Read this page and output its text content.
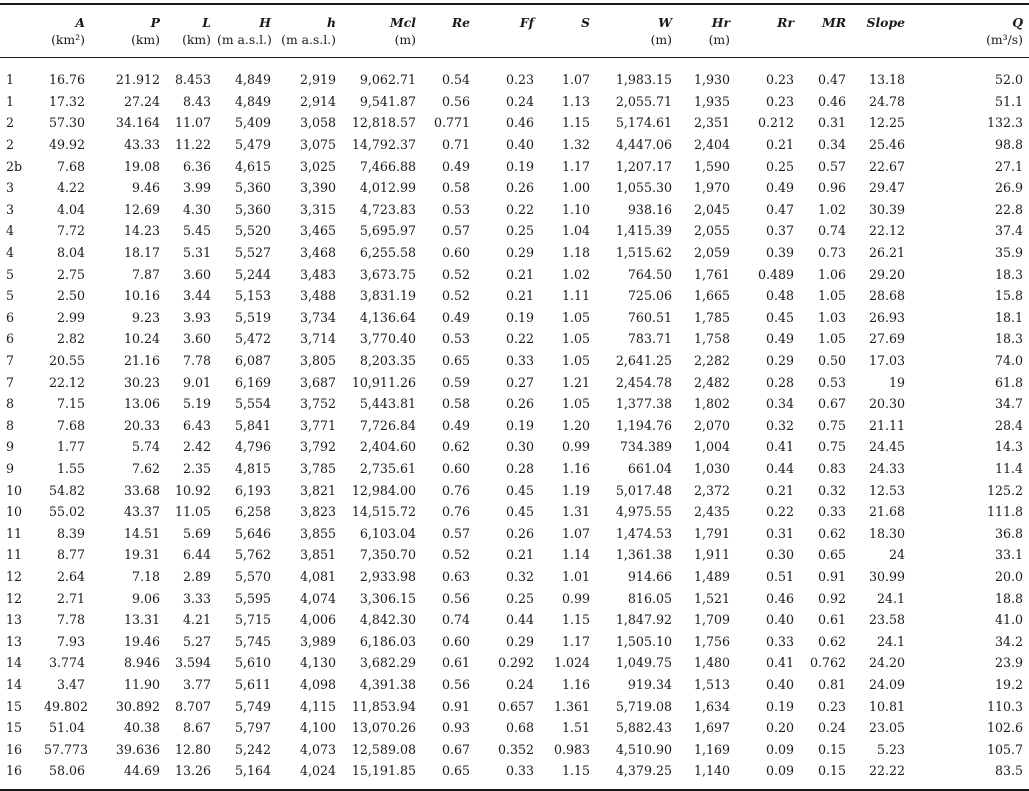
	A	P	L	H	h	Mcl	Re	Ff	S	W	Hr	Rr	MR	Slope	Q
	(km²)	(km)	(km)	(m a.s.l.)	(m a.s.l.)	(m)				(m)	(m)				(m³/s)
1	16.76	21.912	8.453	4,849	2,919	9,062.71	0.54	0.23	1.07	1,983.15	1,930	0.23	0.47	13.18	52.0
1	17.32	27.24	8.43	4,849	2,914	9,541.87	0.56	0.24	1.13	2,055.71	1,935	0.23	0.46	24.78	51.1
2	57.30	34.164	11.07	5,409	3,058	12,818.57	0.771	0.46	1.15	5,174.61	2,351	0.212	0.31	12.25	132.3
2	49.92	43.33	11.22	5,479	3,075	14,792.37	0.71	0.40	1.32	4,447.06	2,404	0.21	0.34	25.46	98.8
2b	7.68	19.08	6.36	4,615	3,025	7,466.88	0.49	0.19	1.17	1,207.17	1,590	0.25	0.57	22.67	27.1
3	4.22	9.46	3.99	5,360	3,390	4,012.99	0.58	0.26	1.00	1,055.30	1,970	0.49	0.96	29.47	26.9
3	4.04	12.69	4.30	5,360	3,315	4,723.83	0.53	0.22	1.10	938.16	2,045	0.47	1.02	30.39	22.8
4	7.72	14.23	5.45	5,520	3,465	5,695.97	0.57	0.25	1.04	1,415.39	2,055	0.37	0.74	22.12	37.4
4	8.04	18.17	5.31	5,527	3,468	6,255.58	0.60	0.29	1.18	1,515.62	2,059	0.39	0.73	26.21	35.9
5	2.75	7.87	3.60	5,244	3,483	3,673.75	0.52	0.21	1.02	764.50	1,761	0.489	1.06	29.20	18.3
5	2.50	10.16	3.44	5,153	3,488	3,831.19	0.52	0.21	1.11	725.06	1,665	0.48	1.05	28.68	15.8
6	2.99	9.23	3.93	5,519	3,734	4,136.64	0.49	0.19	1.05	760.51	1,785	0.45	1.03	26.93	18.1
6	2.82	10.24	3.60	5,472	3,714	3,770.40	0.53	0.22	1.05	783.71	1,758	0.49	1.05	27.69	18.3
7	20.55	21.16	7.78	6,087	3,805	8,203.35	0.65	0.33	1.05	2,641.25	2,282	0.29	0.50	17.03	74.0
7	22.12	30.23	9.01	6,169	3,687	10,911.26	0.59	0.27	1.21	2,454.78	2,482	0.28	0.53	19	61.8
8	7.15	13.06	5.19	5,554	3,752	5,443.81	0.58	0.26	1.05	1,377.38	1,802	0.34	0.67	20.30	34.7
8	7.68	20.33	6.43	5,841	3,771	7,726.84	0.49	0.19	1.20	1,194.76	2,070	0.32	0.75	21.11	28.4
9	1.77	5.74	2.42	4,796	3,792	2,404.60	0.62	0.30	0.99	734.389	1,004	0.41	0.75	24.45	14.3
9	1.55	7.62	2.35	4,815	3,785	2,735.61	0.60	0.28	1.16	661.04	1,030	0.44	0.83	24.33	11.4
10	54.82	33.68	10.92	6,193	3,821	12,984.00	0.76	0.45	1.19	5,017.48	2,372	0.21	0.32	12.53	125.2
10	55.02	43.37	11.05	6,258	3,823	14,515.72	0.76	0.45	1.31	4,975.55	2,435	0.22	0.33	21.68	111.8
11	8.39	14.51	5.69	5,646	3,855	6,103.04	0.57	0.26	1.07	1,474.53	1,791	0.31	0.62	18.30	36.8
11	8.77	19.31	6.44	5,762	3,851	7,350.70	0.52	0.21	1.14	1,361.38	1,911	0.30	0.65	24	33.1
12	2.64	7.18	2.89	5,570	4,081	2,933.98	0.63	0.32	1.01	914.66	1,489	0.51	0.91	30.99	20.0
12	2.71	9.06	3.33	5,595	4,074	3,306.15	0.56	0.25	0.99	816.05	1,521	0.46	0.92	24.1	18.8
13	7.78	13.31	4.21	5,715	4,006	4,842.30	0.74	0.44	1.15	1,847.92	1,709	0.40	0.61	23.58	41.0
13	7.93	19.46	5.27	5,745	3,989	6,186.03	0.60	0.29	1.17	1,505.10	1,756	0.33	0.62	24.1	34.2
14	3.774	8.946	3.594	5,610	4,130	3,682.29	0.61	0.292	1.024	1,049.75	1,480	0.41	0.762	24.20	23.9
14	3.47	11.90	3.77	5,611	4,098	4,391.38	0.56	0.24	1.16	919.34	1,513	0.40	0.81	24.09	19.2
15	49.802	30.892	8.707	5,749	4,115	11,853.94	0.91	0.657	1.361	5,719.08	1,634	0.19	0.23	10.81	110.3
15	51.04	40.38	8.67	5,797	4,100	13,070.26	0.93	0.68	1.51	5,882.43	1,697	0.20	0.24	23.05	102.6
16	57.773	39.636	12.80	5,242	4,073	12,589.08	0.67	0.352	0.983	4,510.90	1,169	0.09	0.15	5.23	105.7
16	58.06	44.69	13.26	5,164	4,024	15,191.85	0.65	0.33	1.15	4,379.25	1,140	0.09	0.15	22.22	83.5
